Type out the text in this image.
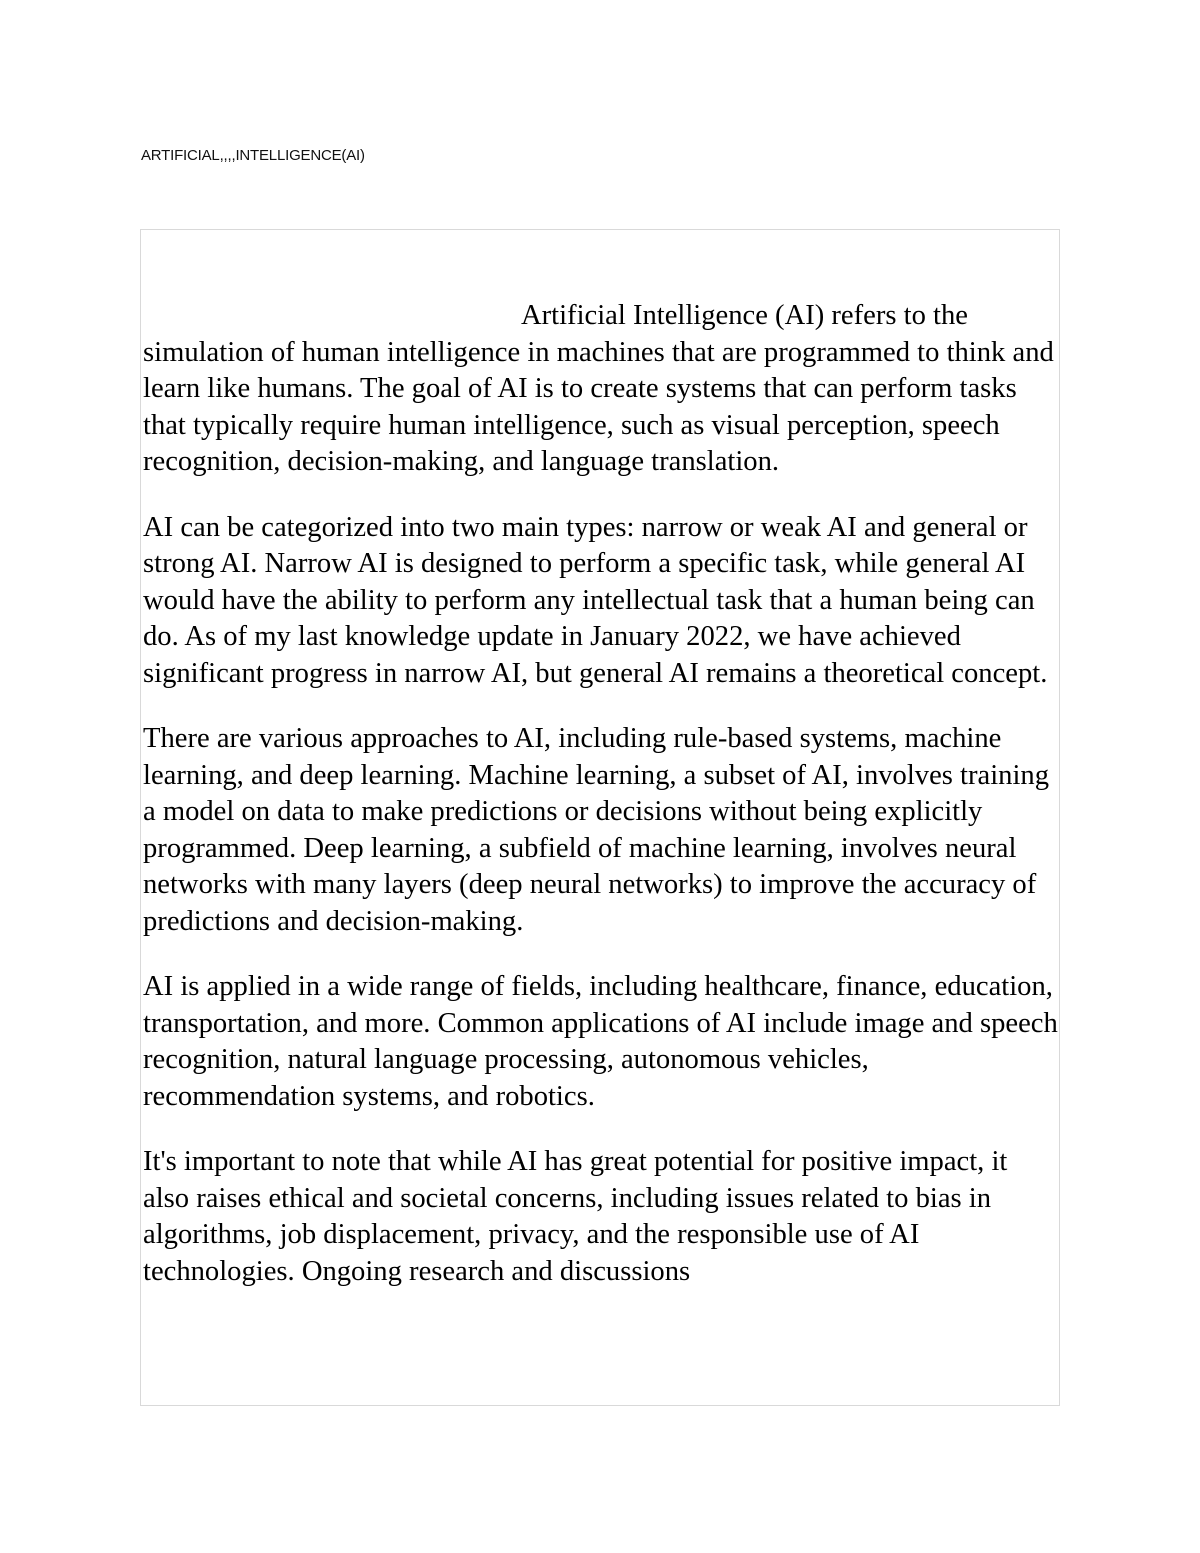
ARTIFICIAL,,,,INTELLIGENCE(AI)

Artificial Intelligence (AI) refers to the simulation of human intelligence in machines that are programmed to think and learn like humans. The goal of AI is to create systems that can perform tasks that typically require human intelligence, such as visual perception, speech recognition, decision-making, and language translation.

AI can be categorized into two main types: narrow or weak AI and general or strong AI. Narrow AI is designed to perform a specific task, while general AI would have the ability to perform any intellectual task that a human being can do. As of my last knowledge update in January 2022, we have achieved significant progress in narrow AI, but general AI remains a theoretical concept.

There are various approaches to AI, including rule-based systems, machine learning, and deep learning. Machine learning, a subset of AI, involves training a model on data to make predictions or decisions without being explicitly programmed. Deep learning, a subfield of machine learning, involves neural networks with many layers (deep neural networks) to improve the accuracy of predictions and decision-making.

AI is applied in a wide range of fields, including healthcare, finance, education, transportation, and more. Common applications of AI include image and speech recognition, natural language processing, autonomous vehicles, recommendation systems, and robotics.

It's important to note that while AI has great potential for positive impact, it also raises ethical and societal concerns, including issues related to bias in algorithms, job displacement, privacy, and the responsible use of AI technologies. Ongoing research and discussions
